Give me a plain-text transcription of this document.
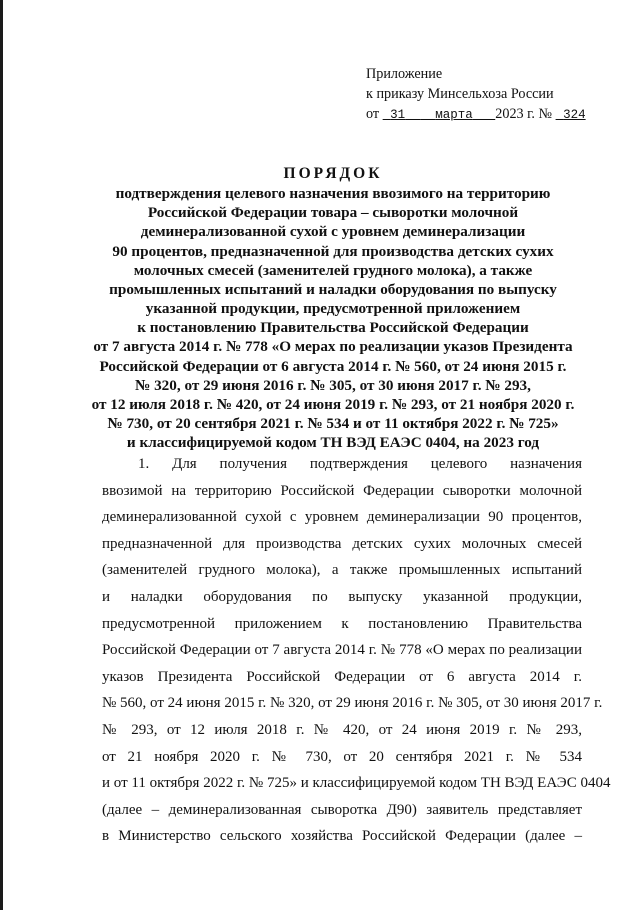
Приложение
к приказу Минсельхоза России
от 31 марта 2023 г. № 324
ПОРЯДОК
подтверждения целевого назначения ввозимого на территорию
Российской Федерации товара – сыворотки молочной
деминерализованной сухой с уровнем деминерализации
90 процентов, предназначенной для производства детских сухих
молочных смесей (заменителей грудного молока), а также
промышленных испытаний и наладки оборудования по выпуску
указанной продукции, предусмотренной приложением
к постановлению Правительства Российской Федерации
от 7 августа 2014 г. № 778 «О мерах по реализации указов Президента
Российской Федерации от 6 августа 2014 г. № 560, от 24 июня 2015 г.
№ 320, от 29 июня 2016 г. № 305, от 30 июня 2017 г. № 293,
от 12 июля 2018 г. № 420, от 24 июня 2019 г. № 293, от 21 ноября 2020 г.
№ 730, от 20 сентября 2021 г. № 534 и от 11 октября 2022 г. № 725»
и классифицируемой кодом ТН ВЭД ЕАЭС 0404, на 2023 год
1. Для получения подтверждения целевого назначения
ввозимой на территорию Российской Федерации сыворотки молочной
деминерализованной сухой с уровнем деминерализации 90 процентов,
предназначенной для производства детских сухих молочных смесей
(заменителей грудного молока), а также промышленных испытаний
и наладки оборудования по выпуску указанной продукции,
предусмотренной приложением к постановлению Правительства
Российской Федерации от 7 августа 2014 г. № 778 «О мерах по реализации
указов Президента Российской Федерации от 6 августа 2014 г.
№ 560, от 24 июня 2015 г. № 320, от 29 июня 2016 г. № 305, от 30 июня 2017 г.
№ 293, от 12 июля 2018 г. № 420, от 24 июня 2019 г. № 293,
от 21 ноября 2020 г. № 730, от 20 сентября 2021 г. № 534
и от 11 октября 2022 г. № 725» и классифицируемой кодом ТН ВЭД ЕАЭС 0404
(далее – деминерализованная сыворотка Д90) заявитель представляет
в Министерство сельского хозяйства Российской Федерации (далее –
